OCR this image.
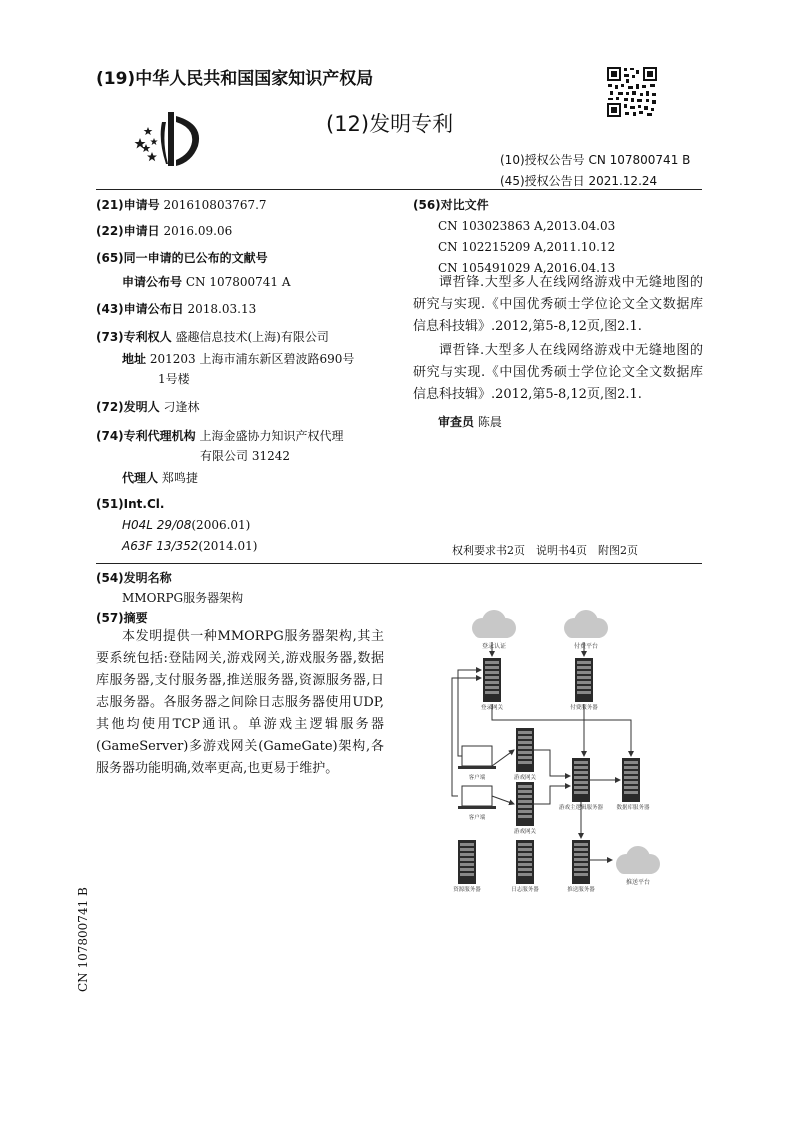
(19)中华人民共和国国家知识产权局
(12)发明专利
(10)授权公告号 CN 107800741 B
(45)授权公告日 2021.12.24
(21)申请号 201610803767.7
(22)申请日 2016.09.06
(65)同一申请的已公布的文献号
申请公布号 CN 107800741 A
(43)申请公布日 2018.03.13
(73)专利权人 盛趣信息技术(上海)有限公司
地址 201203 上海市浦东新区碧波路690号
1号楼
(72)发明人 刁逢林
(74)专利代理机构 上海金盛协力知识产权代理
有限公司 31242
代理人 郑鸣捷
(51)Int.Cl.
H04L 29/08(2006.01)
A63F 13/352(2014.01)
(56)对比文件
CN 103023863 A,2013.04.03
CN 102215209 A,2011.10.12
CN 105491029 A,2016.04.13
谭哲锋.大型多人在线网络游戏中无缝地图的研究与实现.《中国优秀硕士学位论文全文数据库 信息科技辑》.2012,第5-8,12页,图2.1.
谭哲锋.大型多人在线网络游戏中无缝地图的研究与实现.《中国优秀硕士学位论文全文数据库 信息科技辑》.2012,第5-8,12页,图2.1.
审查员 陈晨
权利要求书2页　说明书4页　附图2页
(54)发明名称
MMORPG服务器架构
(57)摘要
本发明提供一种MMORPG服务器架构,其主要系统包括:登陆网关,游戏网关,游戏服务器,数据库服务器,支付服务器,推送服务器,资源服务器,日志服务器。各服务器之间除日志服务器使用UDP,其他均使用TCP通讯。单游戏主逻辑服务器(GameServer)多游戏网关(GameGate)架构,各服务器功能明确,效率更高,也更易于维护。
CN 107800741 B
登录认证	付费平台
推送平台
登录网关	付费服务器
游戏网关
游戏网关
游戏主逻辑服务器 数据库服务器
资源服务器	日志服务器	推送服务器
客户端
客户端
